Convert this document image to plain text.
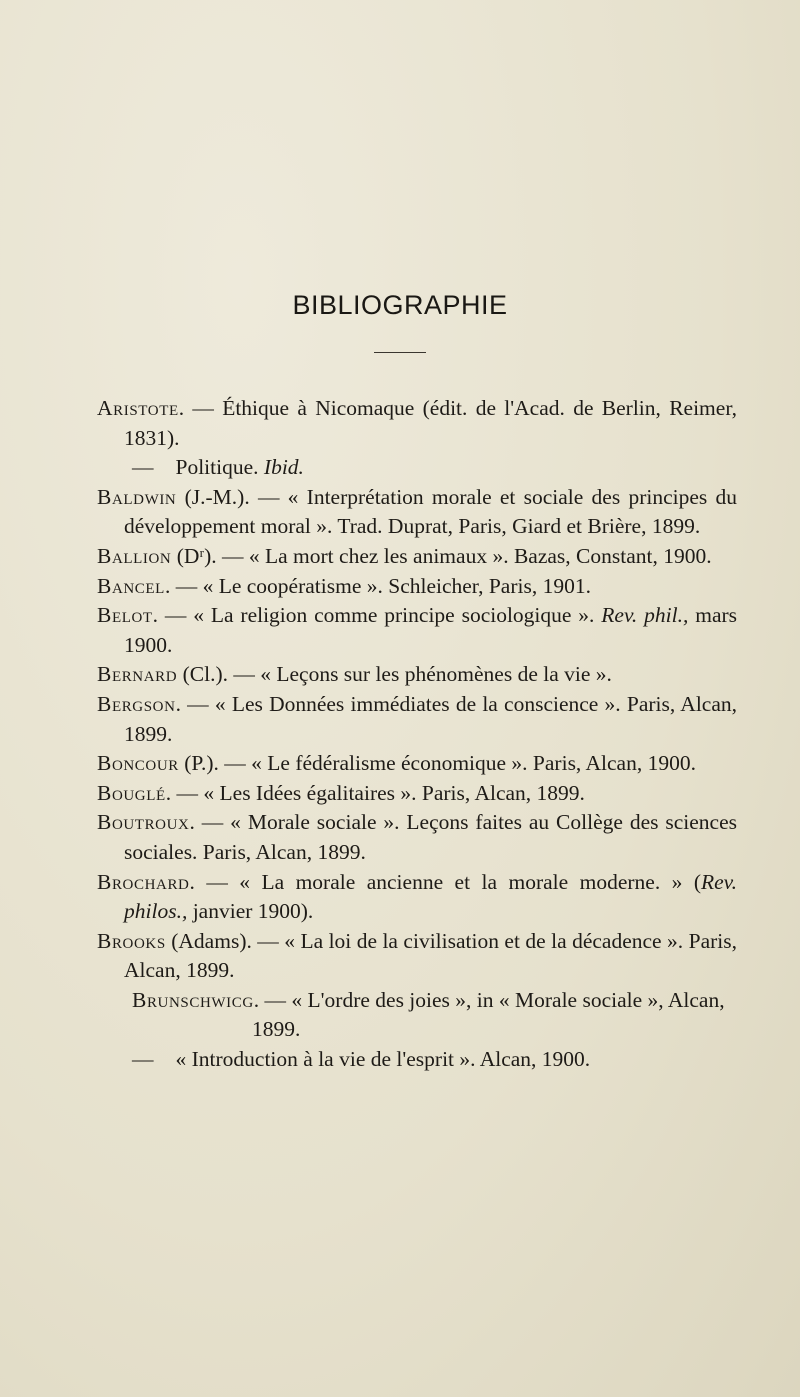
BIBLIOGRAPHIE
Aristote. — Éthique à Nicomaque (édit. de l'Acad. de Berlin, Reimer, 1831).
— Politique. Ibid.
Baldwin (J.-M.). — « Interprétation morale et sociale des principes du développement moral ». Trad. Duprat, Paris, Giard et Brière, 1899.
Ballion (Dʳ). — « La mort chez les animaux ». Bazas, Constant, 1900.
Bancel. — « Le coopératisme ». Schleicher, Paris, 1901.
Belot. — « La religion comme principe sociologique ». Rev. phil., mars 1900.
Bernard (Cl.). — « Leçons sur les phénomènes de la vie ».
Bergson. — « Les Données immédiates de la conscience ». Paris, Alcan, 1899.
Boncour (P.). — « Le fédéralisme économique ». Paris, Alcan, 1900.
Bouglé. — « Les Idées égalitaires ». Paris, Alcan, 1899.
Boutroux. — « Morale sociale ». Leçons faites au Collège des sciences sociales. Paris, Alcan, 1899.
Brochard. — « La morale ancienne et la morale moderne. » (Rev. philos., janvier 1900).
Brooks (Adams). — « La loi de la civilisation et de la décadence ». Paris, Alcan, 1899.
Brunschwicg. — « L'ordre des joies », in « Morale sociale », Alcan, 1899.
— « Introduction à la vie de l'esprit ». Alcan, 1900.
